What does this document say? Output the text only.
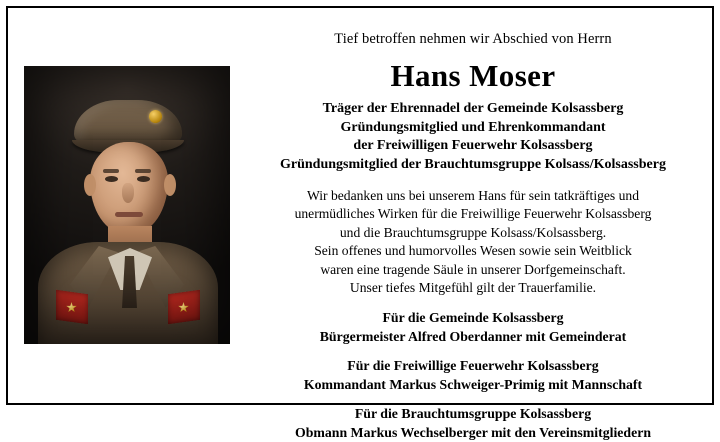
Tief betroffen nehmen wir Abschied von Herrn

Hans Moser
Träger der Ehrennadel der Gemeinde Kolsassberg
Gründungsmitglied und Ehrenkommandant
der Freiwilligen Feuerwehr Kolsassberg
Gründungsmitglied der Brauchtumsgruppe Kolsass/Kolsassberg
Wir bedanken uns bei unserem Hans für sein tatkräftiges und
unermüdliches Wirken für die Freiwillige Feuerwehr Kolsassberg
und die Brauchtumsgruppe Kolsass/Kolsassberg.
Sein offenes und humorvolles Wesen sowie sein Weitblick
waren eine tragende Säule in unserer Dorfgemeinschaft.
Unser tiefes Mitgefühl gilt der Trauerfamilie.
Für die Gemeinde Kolsassberg
Bürgermeister Alfred Oberdanner mit Gemeinderat
Für die Freiwillige Feuerwehr Kolsassberg
Kommandant Markus Schweiger-Primig mit Mannschaft
Für die Brauchtumsgruppe Kolsassberg
Obmann Markus Wechselberger mit den Vereinsmitgliedern
